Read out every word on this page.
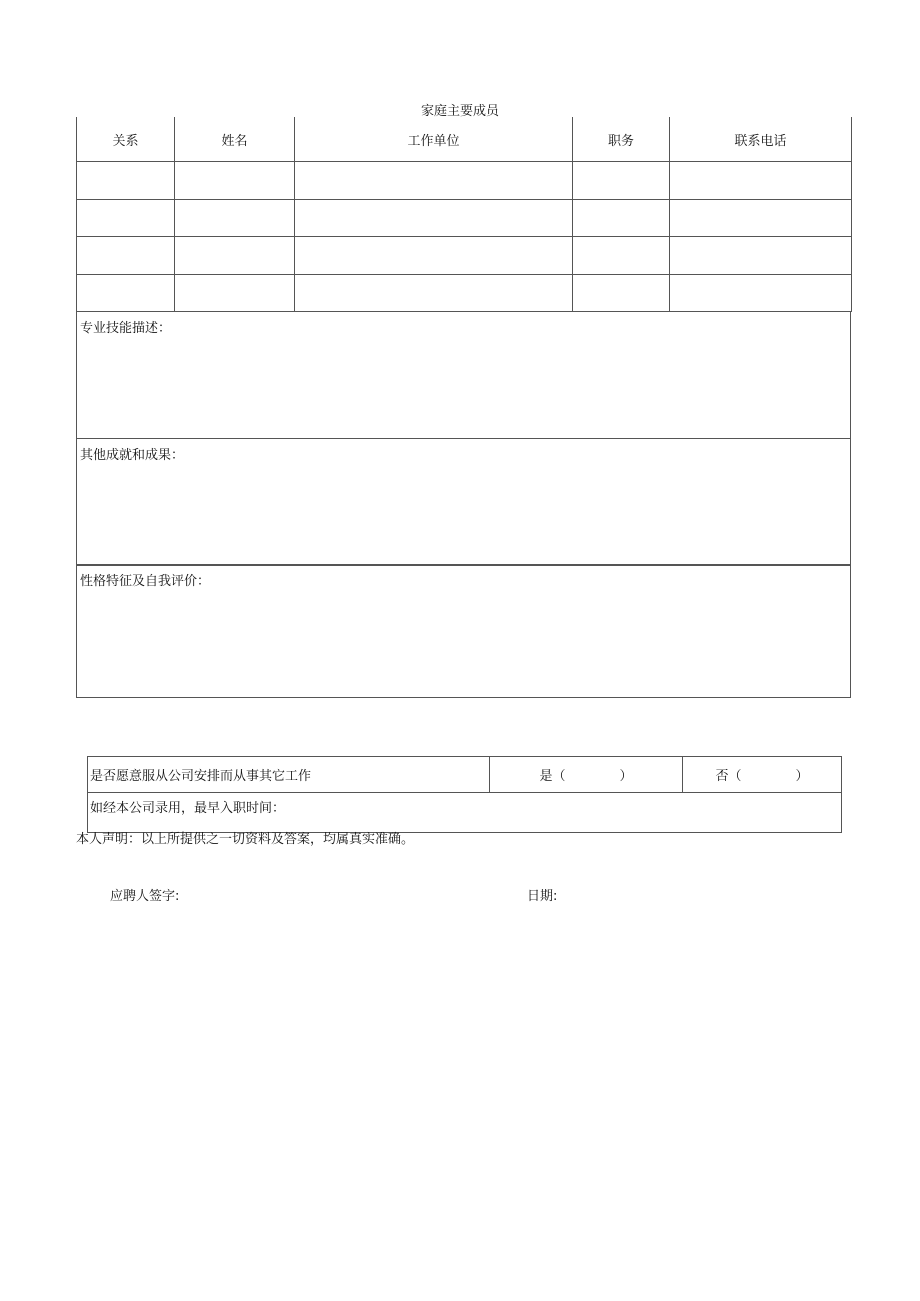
家庭主要成员
关系	姓名	工作单位	职务	联系电话

专业技能描述：
其他成就和成果：
性格特征及自我评价：
是否愿意服从公司安排而从事其它工作	是（	）	否（	）
如经本公司录用，最早入职时间：
本人声明：以上所提供之一切资料及答案，均属真实准确。
应聘人签字:	日期:
